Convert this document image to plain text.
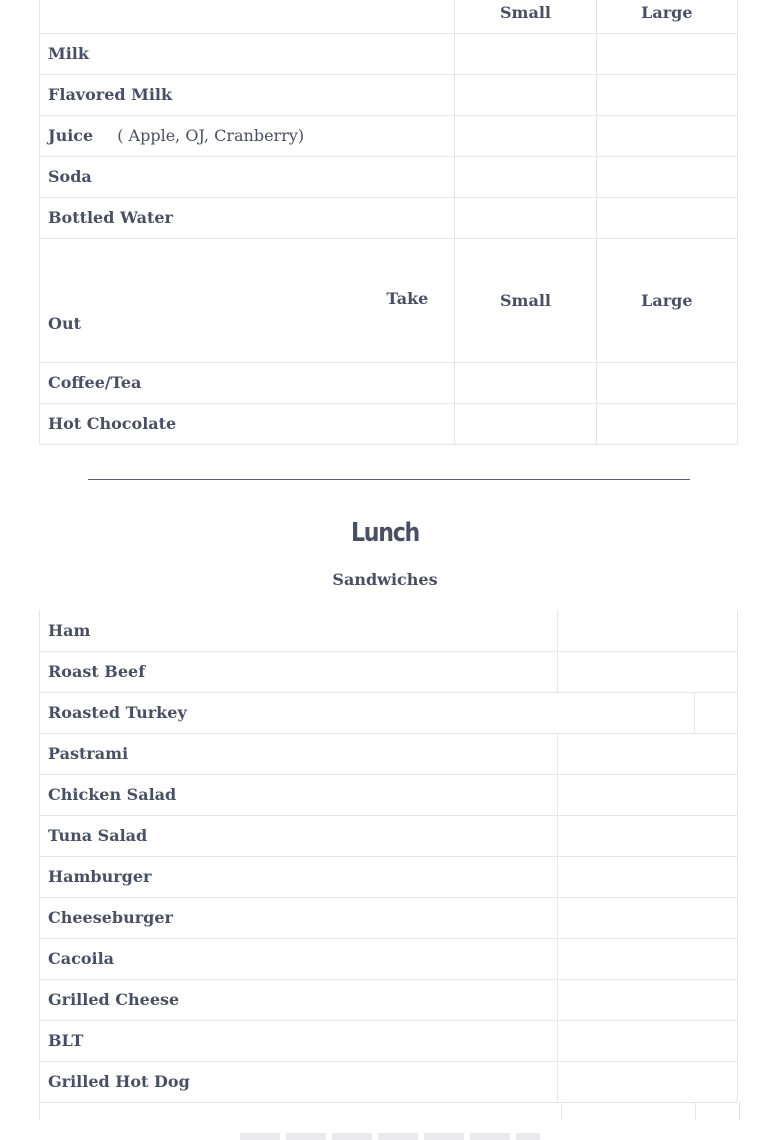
	Small	Large
Milk		
Flavored Milk		
Juice ( Apple, OJ, Cranberry)		
Soda		
Bottled Water		

Take
Out	Small	Large
Coffee/Tea		
Hot Chocolate		
Lunch
Sandwiches
Ham		
Roast Beef		
Roasted Turkey		
Pastrami		
Chicken Salad		
Tuna Salad		
Hamburger		
Cheeseburger		
Cacoila		
Grilled Cheese		
BLT		
Grilled Hot Dog		
